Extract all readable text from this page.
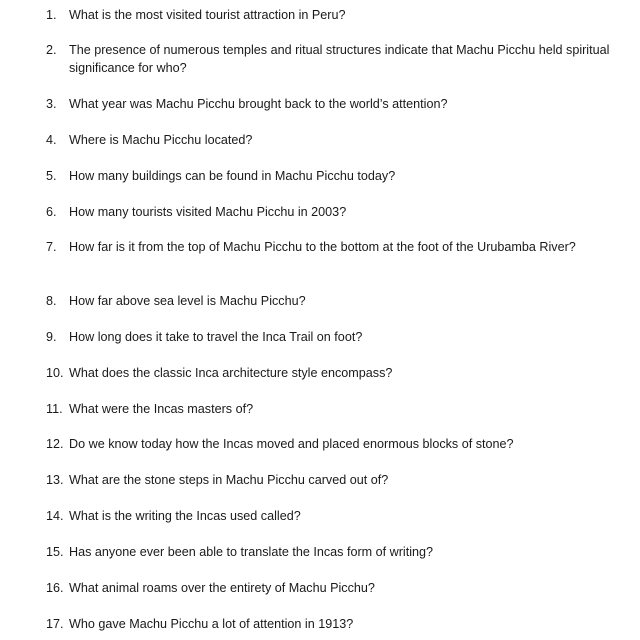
1. What is the most visited tourist attraction in Peru?
2. The presence of numerous temples and ritual structures indicate that Machu Picchu held spiritual significance for who?
3. What year was Machu Picchu brought back to the world’s attention?
4. Where is Machu Picchu located?
5. How many buildings can be found in Machu Picchu today?
6. How many tourists visited Machu Picchu in 2003?
7. How far is it from the top of Machu Picchu to the bottom at the foot of the Urubamba River?
8. How far above sea level is Machu Picchu?
9. How long does it take to travel the Inca Trail on foot?
10. What does the classic Inca architecture style encompass?
11. What were the Incas masters of?
12. Do we know today how the Incas moved and placed enormous blocks of stone?
13. What are the stone steps in Machu Picchu carved out of?
14. What is the writing the Incas used called?
15. Has anyone ever been able to translate the Incas form of writing?
16. What animal roams over the entirety of Machu Picchu?
17. Who gave Machu Picchu a lot of attention in 1913?
